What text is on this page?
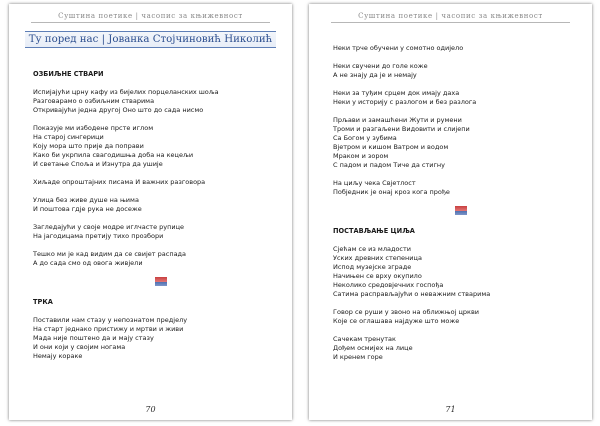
Суштина поетике | часопис за књижевност
Ту поред нас | Јованка Стојчиновић Николић
ОЗБИЉНЕ СТВАРИ
Испијајући црну кафу из бијелих порцеланских шоља
Разговарамо о озбиљним стварима
Откривајући једна другој Оно што до сада нисмо
Показује ми избодене прсте иглом
На старој сингерици
Коју мора што прије да поправи
Како би укрпила свагодишња доба на кецељи
И светање Споља и Изнутра да ушије
Хиљаде опроштајних писама И важних разговора
Улица без живе душе на њима
И поштова гдје рука не досеже
Загледајући у своје модре иглчасте рупице
На јагодицама претију тихо прозбори
Тешко ми је кад видим да се свијет распада
А до сада смо од овога живјели
ТРКА
Поставили нам стазу у непознатом предјелу
На старт једнако пристижу и мртви и живи
Мада није поштено да и мају стазу
И они који у својим ногама
Немају кораке
70
Суштина поетике | часопис за књижевност
Неки трче обучени у сомотно одијело
Неки свучени до голе коже
А не знају да је и немају
Неки за туђим срцем док имају даха
Неки у историју с разлогом и без разлога
Прљави и замашћени Жути и румени
Троми и разгаљени Видовити и слијепи
Са Богом у зубима
Вјетром и кишом Ватром и водом
Мраком и зором
С падом и падом Тиче да стигну
На циљу чека Свјетлост
Побједник је онај кроз кога прође
ПОСТАВЉАЊЕ ЦИЉА
Сјећам се из младости
Уских древних степеница
Испод музејске зграде
Начињен се врху окупило
Неколико средовјечних госпођа
Сатима расправљајући о неважним стварима
Говор се руши у звоно на оближњој цркви
Које се оглашава најдуже што може
Сачекам тренутак
Дођем осмијех на лице
И кренем горе
71
